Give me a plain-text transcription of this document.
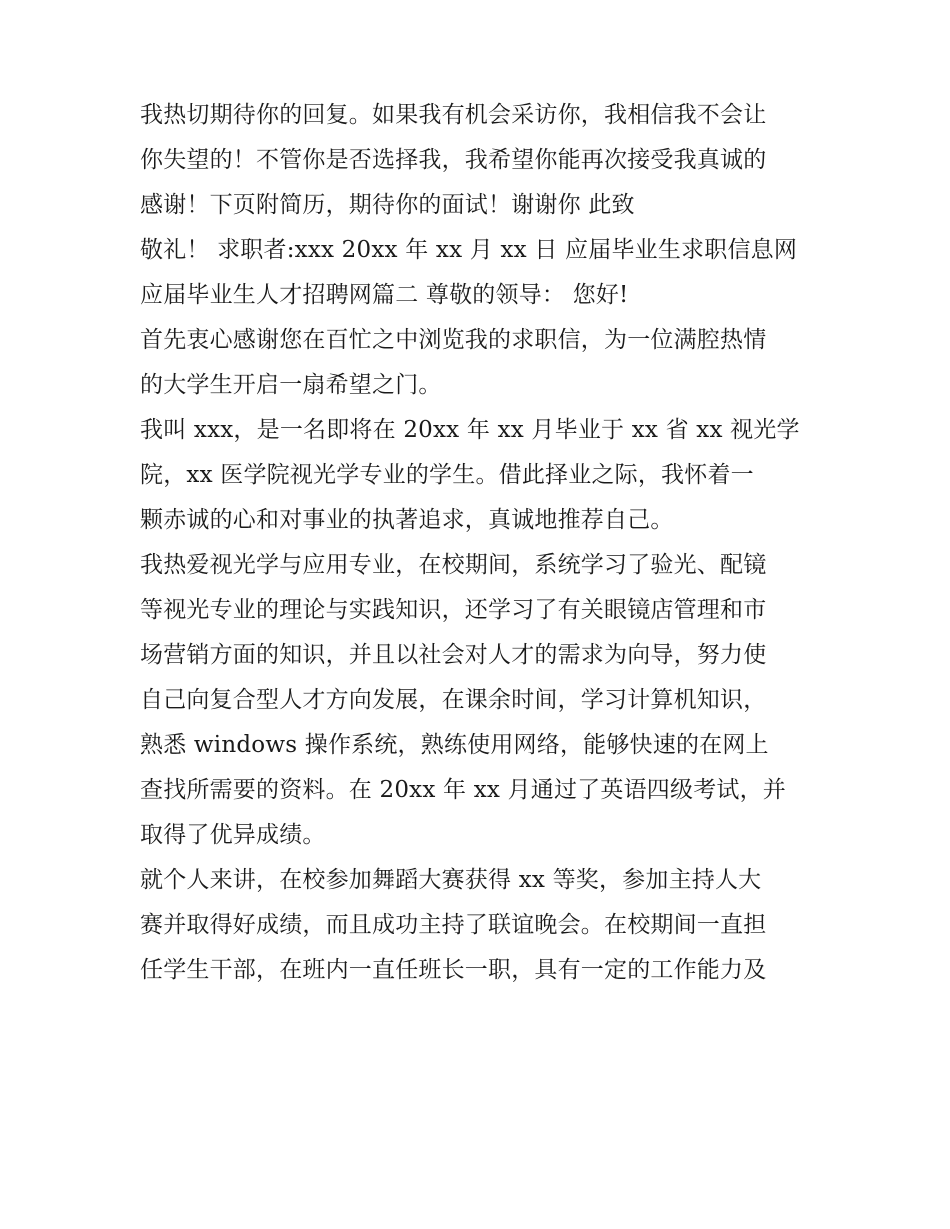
我热切期待你的回复。如果我有机会采访你，我相信我不会让
你失望的！不管你是否选择我，我希望你能再次接受我真诚的
感谢！下页附简历，期待你的面试！谢谢你 此致
敬礼！ 求职者:xxx 20xx 年 xx 月 xx 日 应届毕业生求职信息网
应届毕业生人才招聘网篇二 尊敬的领导： 您好!
首先衷心感谢您在百忙之中浏览我的求职信，为一位满腔热情
的大学生开启一扇希望之门。
我叫 xxx，是一名即将在 20xx 年 xx 月毕业于 xx 省 xx 视光学
院，xx 医学院视光学专业的学生。借此择业之际，我怀着一
颗赤诚的心和对事业的执著追求，真诚地推荐自己。
我热爱视光学与应用专业，在校期间，系统学习了验光、配镜
等视光专业的理论与实践知识，还学习了有关眼镜店管理和市
场营销方面的知识，并且以社会对人才的需求为向导，努力使
自己向复合型人才方向发展，在课余时间，学习计算机知识，
熟悉 windows 操作系统，熟练使用网络，能够快速的在网上
查找所需要的资料。在 20xx 年 xx 月通过了英语四级考试，并
取得了优异成绩。
就个人来讲，在校参加舞蹈大赛获得 xx 等奖，参加主持人大
赛并取得好成绩，而且成功主持了联谊晚会。在校期间一直担
任学生干部，在班内一直任班长一职，具有一定的工作能力及
